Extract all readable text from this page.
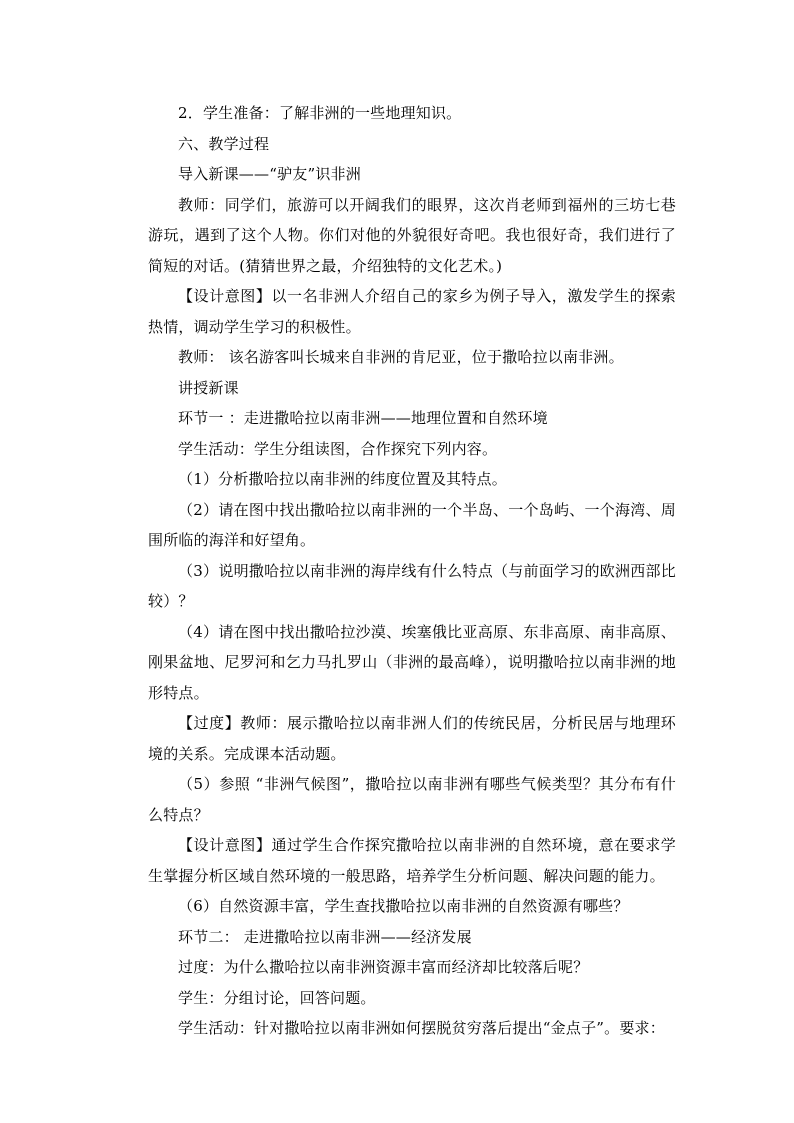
2．学生准备：了解非洲的一些地理知识。

六、教学过程

导入新课——“驴友”识非洲

教师：同学们，旅游可以开阔我们的眼界，这次肖老师到福州的三坊七巷游玩，遇到了这个人物。你们对他的外貌很好奇吧。我也很好奇，我们进行了简短的对话。(猜猜世界之最，介绍独特的文化艺术。)

【设计意图】以一名非洲人介绍自己的家乡为例子导入，激发学生的探索热情，调动学生学习的积极性。

教师： 该名游客叫长城来自非洲的肯尼亚，位于撒哈拉以南非洲。

讲授新课

环节一 ：走进撒哈拉以南非洲——地理位置和自然环境

学生活动：学生分组读图，合作探究下列内容。

（1）分析撒哈拉以南非洲的纬度位置及其特点。

（2）请在图中找出撒哈拉以南非洲的一个半岛、一个岛屿、一个海湾、周围所临的海洋和好望角。

（3）说明撒哈拉以南非洲的海岸线有什么特点（与前面学习的欧洲西部比较）？

（4）请在图中找出撒哈拉沙漠、埃塞俄比亚高原、东非高原、南非高原、刚果盆地、尼罗河和乞力马扎罗山（非洲的最高峰），说明撒哈拉以南非洲的地形特点。

【过度】教师：展示撒哈拉以南非洲人们的传统民居，分析民居与地理环境的关系。完成课本活动题。

（5）参照 “非洲气候图”，撒哈拉以南非洲有哪些气候类型？其分布有什么特点？

【设计意图】通过学生合作探究撒哈拉以南非洲的自然环境，意在要求学生掌握分析区域自然环境的一般思路，培养学生分析问题、解决问题的能力。

（6）自然资源丰富，学生查找撒哈拉以南非洲的自然资源有哪些？

环节二： 走进撒哈拉以南非洲——经济发展

过度：为什么撒哈拉以南非洲资源丰富而经济却比较落后呢？

学生：分组讨论，回答问题。

学生活动：针对撒哈拉以南非洲如何摆脱贫穷落后提出“金点子”。要求：
